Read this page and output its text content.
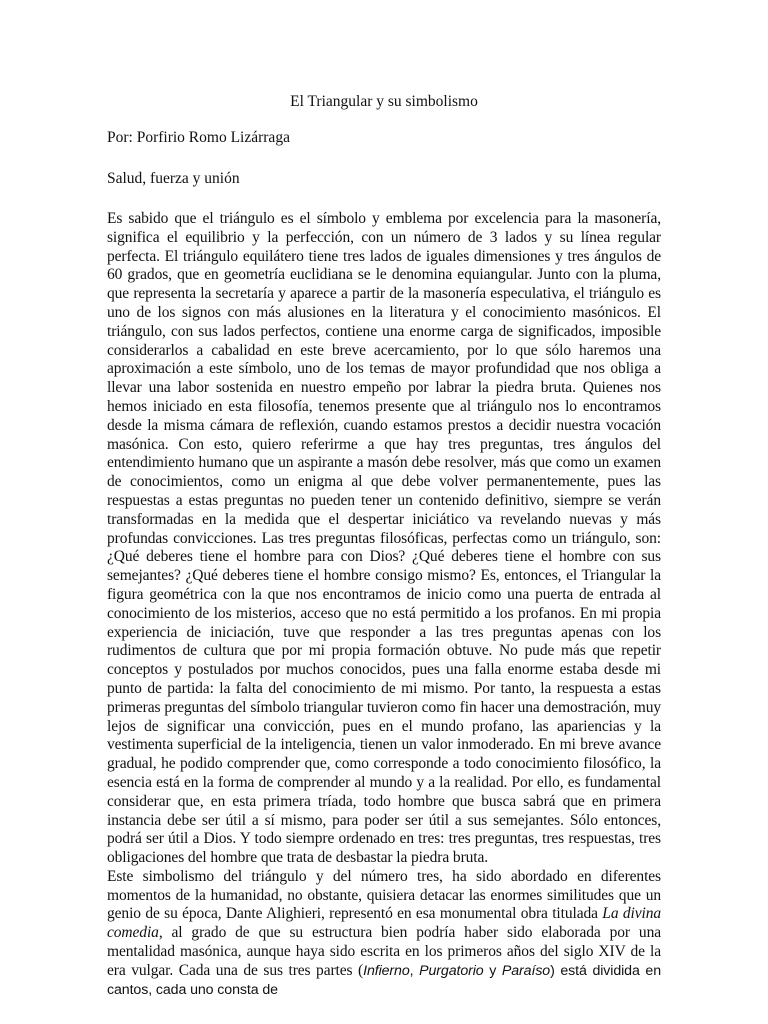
El Triangular y su simbolismo
Por: Porfirio Romo Lizárraga
Salud, fuerza y unión

Es sabido que el triángulo es el símbolo y emblema por excelencia para la masonería, significa el equilibrio y la perfección, con un número de 3 lados y su línea regular perfecta. El triángulo equilátero tiene tres lados de iguales dimensiones y tres ángulos de 60 grados, que en geometría euclidiana se le denomina equiangular. Junto con la pluma, que representa la secretaría y aparece a partir de la masonería especulativa, el triángulo es uno de los signos con más alusiones en la literatura y el conocimiento masónicos. El triángulo, con sus lados perfectos, contiene una enorme carga de significados, imposible considerarlos a cabalidad en este breve acercamiento, por lo que sólo haremos una aproximación a este símbolo, uno de los temas de mayor profundidad que nos obliga a llevar una labor sostenida en nuestro empeño por labrar la piedra bruta. Quienes nos hemos iniciado en esta filosofía, tenemos presente que al triángulo nos lo encontramos desde la misma cámara de reflexión, cuando estamos prestos a decidir nuestra vocación masónica. Con esto, quiero referirme a que hay tres preguntas, tres ángulos del entendimiento humano que un aspirante a masón debe resolver, más que como un examen de conocimientos, como un enigma al que debe volver permanentemente, pues las respuestas a estas preguntas no pueden tener un contenido definitivo, siempre se verán transformadas en la medida que el despertar iniciático va revelando nuevas y más profundas convicciones. Las tres preguntas filosóficas, perfectas como un triángulo, son: ¿Qué deberes tiene el hombre para con Dios? ¿Qué deberes tiene el hombre con sus semejantes? ¿Qué deberes tiene el hombre consigo mismo? Es, entonces, el Triangular la figura geométrica con la que nos encontramos de inicio como una puerta de entrada al conocimiento de los misterios, acceso que no está permitido a los profanos. En mi propia experiencia de iniciación, tuve que responder a las tres preguntas apenas con los rudimentos de cultura que por mi propia formación obtuve. No pude más que repetir conceptos y postulados por muchos conocidos, pues una falla enorme estaba desde mi punto de partida: la falta del conocimiento de mi mismo. Por tanto, la respuesta a estas primeras preguntas del símbolo triangular tuvieron como fin hacer una demostración, muy lejos de significar una convicción, pues en el mundo profano, las apariencias y la vestimenta superficial de la inteligencia, tienen un valor inmoderado. En mi breve avance gradual, he podido comprender que, como corresponde a todo conocimiento filosófico, la esencia está en la forma de comprender al mundo y a la realidad. Por ello, es fundamental considerar que, en esta primera tríada, todo hombre que busca sabrá que en primera instancia debe ser útil a sí mismo, para poder ser útil a sus semejantes. Sólo entonces, podrá ser útil a Dios. Y todo siempre ordenado en tres: tres preguntas, tres respuestas, tres obligaciones del hombre que trata de desbastar la piedra bruta.

Este simbolismo del triángulo y del número tres, ha sido abordado en diferentes momentos de la humanidad, no obstante, quisiera detacar las enormes similitudes que un genio de su época, Dante Alighieri, representó en esa monumental obra titulada La divina comedia, al grado de que su estructura bien podría haber sido elaborada por una mentalidad masónica, aunque haya sido escrita en los primeros años del siglo XIV de la era vulgar. Cada una de sus tres partes (Infierno, Purgatorio y Paraíso) está dividida en cantos, cada uno consta de
